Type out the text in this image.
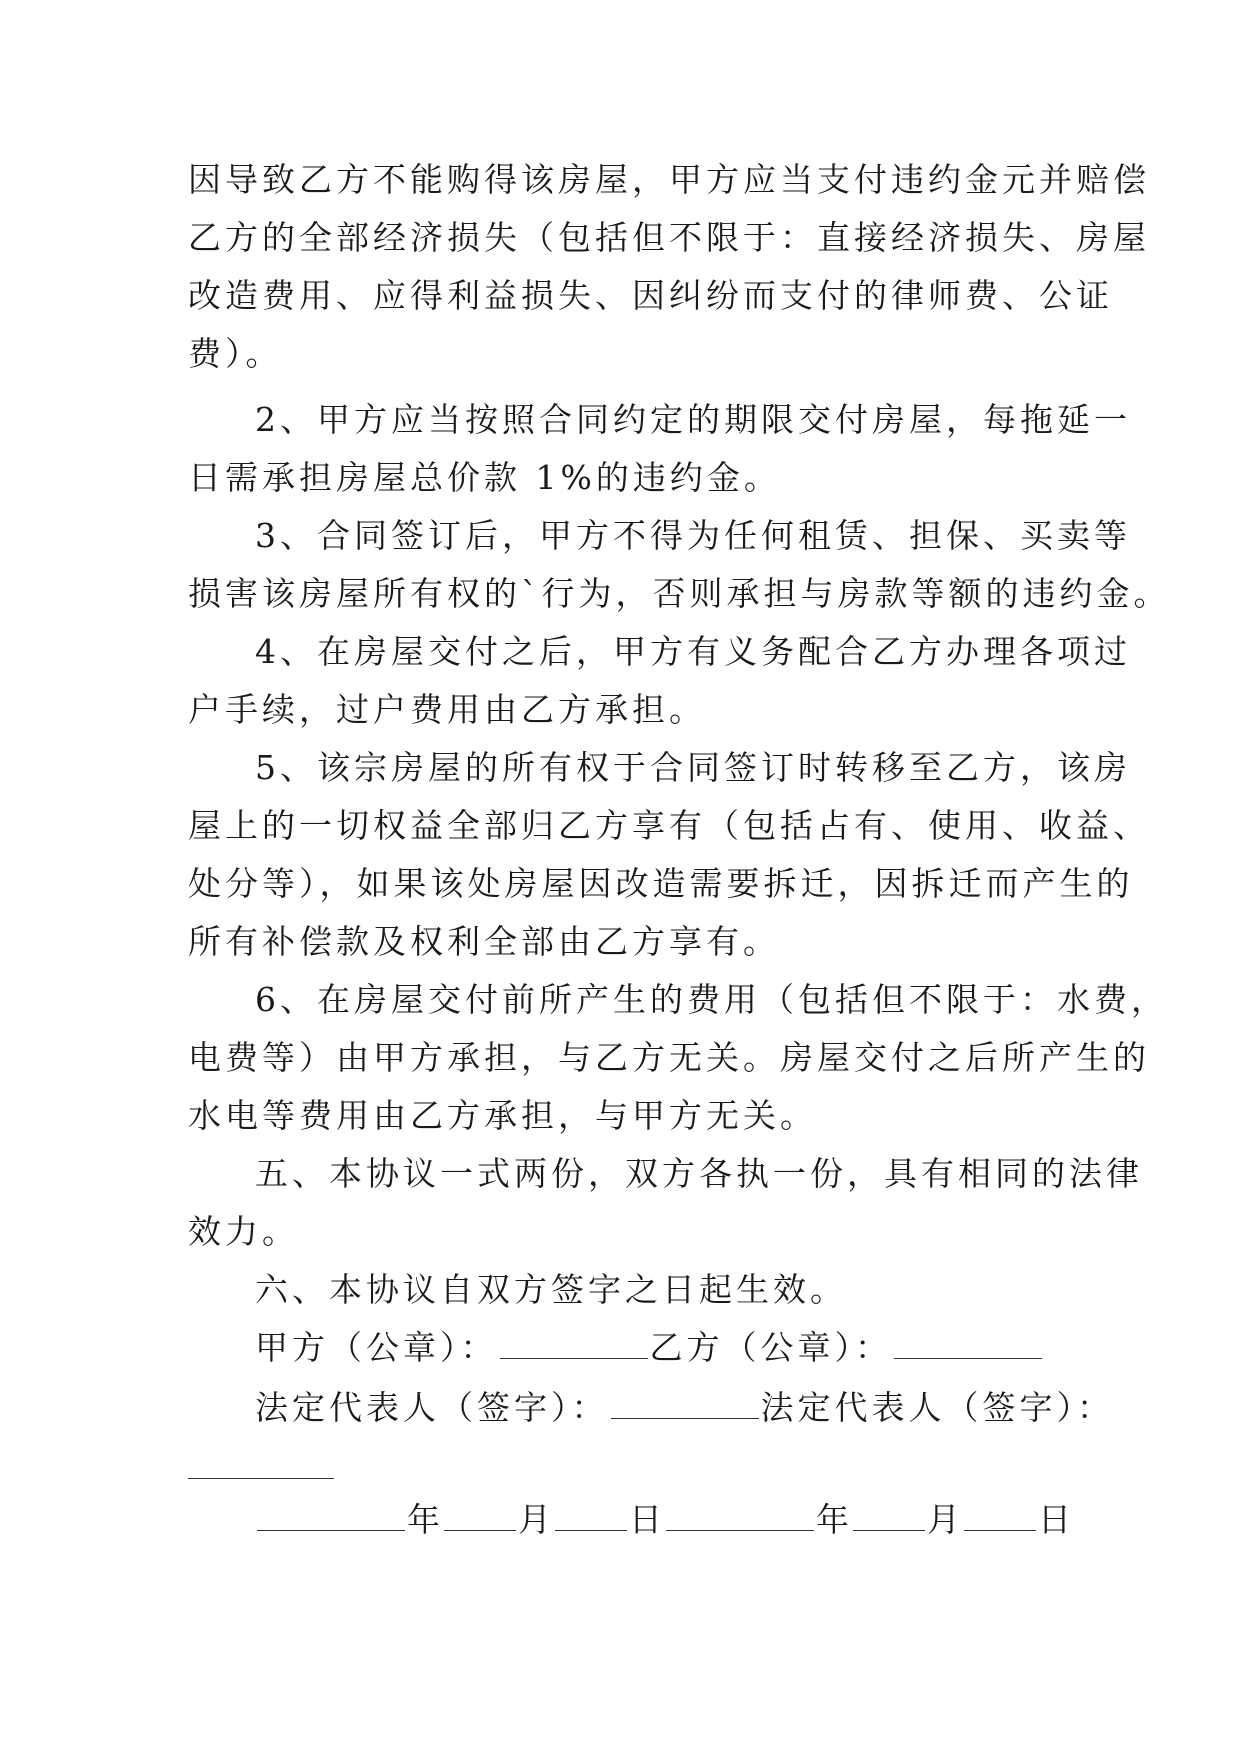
因导致乙方不能购得该房屋，甲方应当支付违约金元并赔偿
乙方的全部经济损失（包括但不限于：直接经济损失、房屋
改造费用、应得利益损失、因纠纷而支付的律师费、公证
费）。
2、甲方应当按照合同约定的期限交付房屋，每拖延一
日需承担房屋总价款 1%的违约金。
3、合同签订后，甲方不得为任何租赁、担保、买卖等
损害该房屋所有权的`行为，否则承担与房款等额的违约金。
4、在房屋交付之后，甲方有义务配合乙方办理各项过
户手续，过户费用由乙方承担。
5、该宗房屋的所有权于合同签订时转移至乙方，该房
屋上的一切权益全部归乙方享有（包括占有、使用、收益、
处分等），如果该处房屋因改造需要拆迁，因拆迁而产生的
所有补偿款及权利全部由乙方享有。
6、在房屋交付前所产生的费用（包括但不限于：水费，
电费等）由甲方承担，与乙方无关。房屋交付之后所产生的
水电等费用由乙方承担，与甲方无关。
五、本协议一式两份，双方各执一份，具有相同的法律
效力。
六、本协议自双方签字之日起生效。
甲方（公章）：	乙方（公章）：
法定代表人（签字）：	法定代表人（签字）：
年 月 日	年 月 日
